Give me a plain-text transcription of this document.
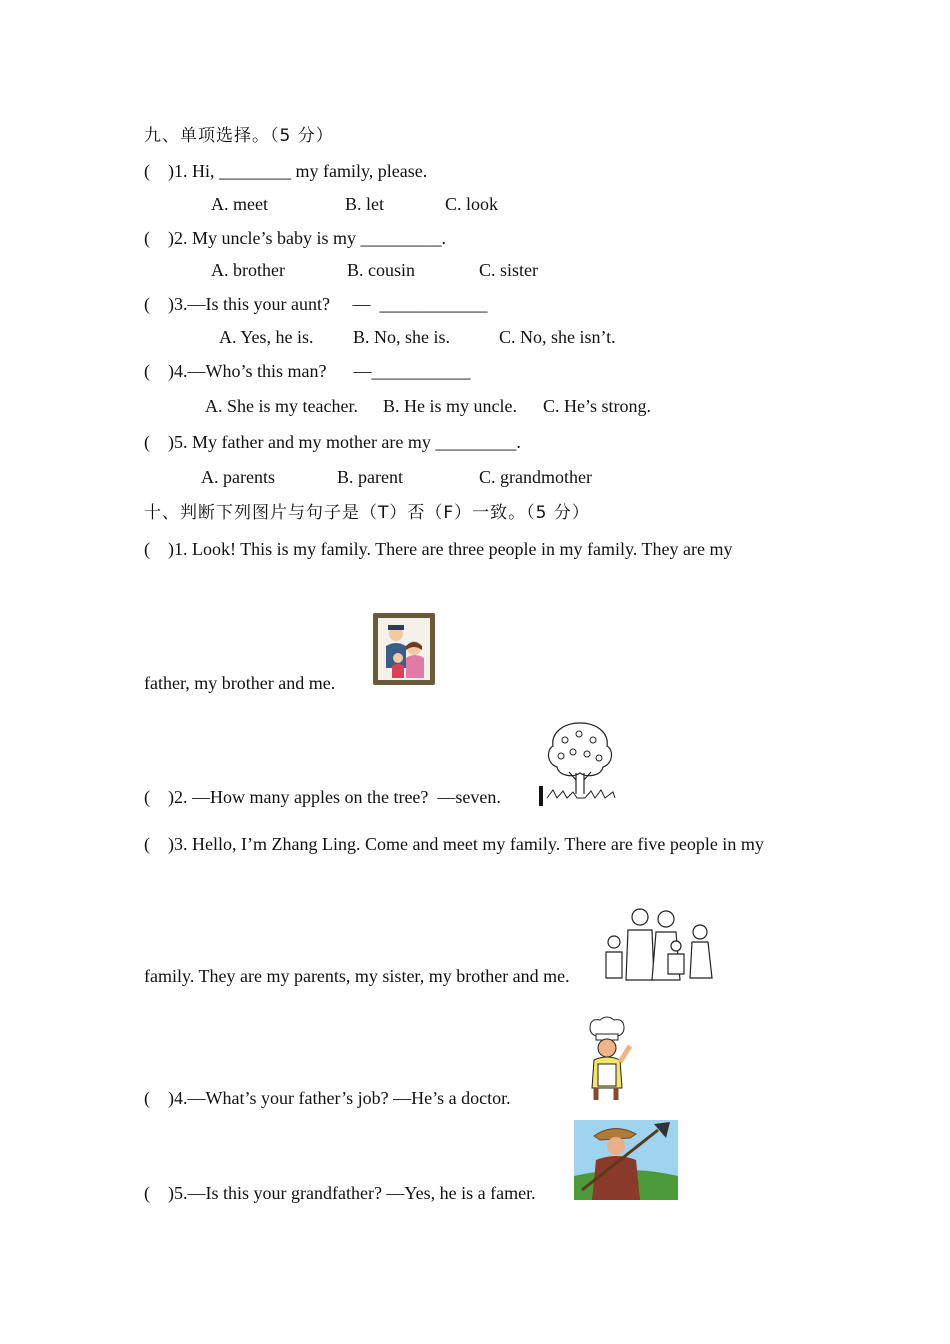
九、单项选择。（5 分）
(    )1. Hi, ________ my family, please.
A. meet	B. let	C. look
(    )2. My uncle’s baby is my _________.
A. brother	B. cousin	C. sister
(    )3.—Is this your aunt?     —  ____________
A. Yes, he is. B. No, she is.	C. No, she isn’t.
(    )4.—Who’s this man?      —___________
A. She is my teacher. B. He is my uncle. C. He’s strong.
(    )5. My father and my mother are my _________.
A. parents	B. parent	C. grandmother
十、判断下列图片与句子是（T）否（F）一致。（5 分）
(    )1. Look! This is my family. There are three people in my family. They are my
father, my brother and me.
(    )2. —How many apples on the tree?  —seven.
(    )3. Hello, I’m Zhang Ling. Come and meet my family. There are five people in my
family. They are my parents, my sister, my brother and me.
(    )4.—What’s your father’s job? —He’s a doctor.
(    )5.—Is this your grandfather? —Yes, he is a famer.
